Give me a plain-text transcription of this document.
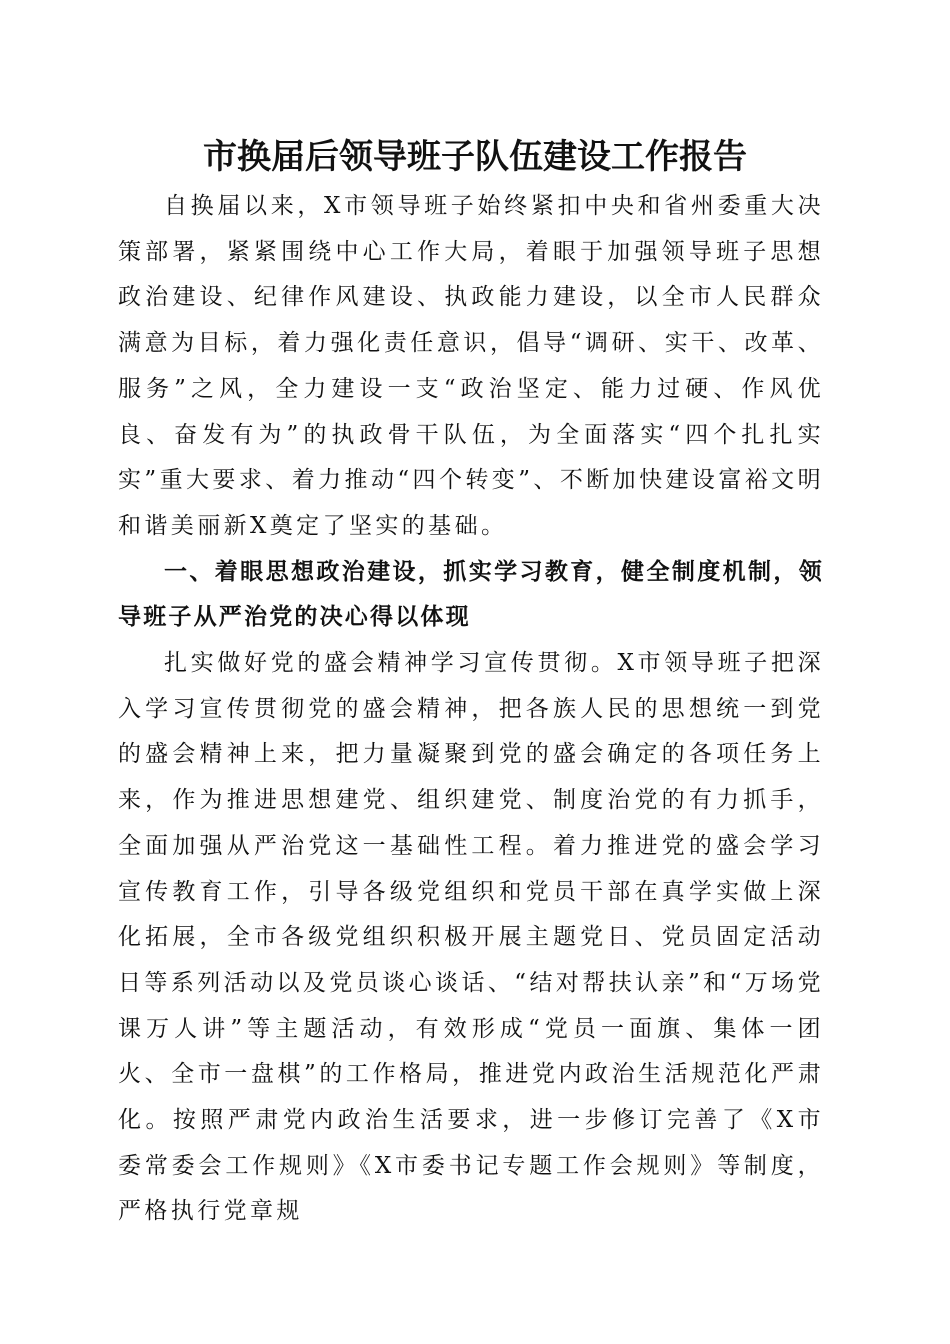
市换届后领导班子队伍建设工作报告

自换届以来，X市领导班子始终紧扣中央和省州委重大决策部署，紧紧围绕中心工作大局，着眼于加强领导班子思想政治建设、纪律作风建设、执政能力建设，以全市人民群众满意为目标，着力强化责任意识，倡导“调研、实干、改革、服务”之风，全力建设一支“政治坚定、能力过硬、作风优良、奋发有为”的执政骨干队伍，为全面落实“四个扎扎实实”重大要求、着力推动“四个转变”、不断加快建设富裕文明和谐美丽新X奠定了坚实的基础。

一、着眼思想政治建设，抓实学习教育，健全制度机制，领导班子从严治党的决心得以体现

扎实做好党的盛会精神学习宣传贯彻。X市领导班子把深入学习宣传贯彻党的盛会精神，把各族人民的思想统一到党的盛会精神上来，把力量凝聚到党的盛会确定的各项任务上来，作为推进思想建党、组织建党、制度治党的有力抓手，全面加强从严治党这一基础性工程。着力推进党的盛会学习宣传教育工作，引导各级党组织和党员干部在真学实做上深化拓展，全市各级党组织积极开展主题党日、党员固定活动日等系列活动以及党员谈心谈话、“结对帮扶认亲”和“万场党课万人讲”等主题活动，有效形成“党员一面旗、集体一团火、全市一盘棋”的工作格局，推进党内政治生活规范化严肃化。按照严肃党内政治生活要求，进一步修订完善了《X市委常委会工作规则》《X市委书记专题工作会规则》等制度，严格执行党章规
